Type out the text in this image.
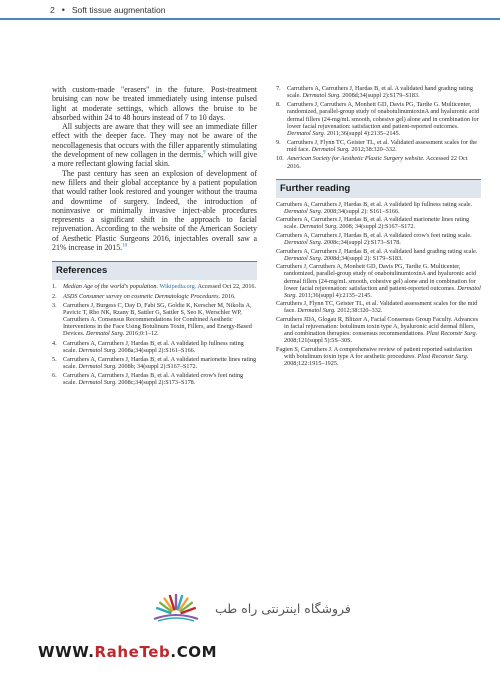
2 • Soft tissue augmentation

with custom-made "erasers" in the future. Post-treatment bruising can now be treated immediately using intense pulsed light at moderate settings, which allows the bruise to be absorbed within 24 to 48 hours instead of 7 to 10 days.

All subjects are aware that they will see an immediate filler effect with the deeper face. They may not be aware of the neocollagenesis that occurs with the filler apparently stimulating the development of new collagen in the dermis,$^9$ which will give a more reflectant glowing facial skin.

The past century has seen an explosion of development of new fillers and their global acceptance by a patient population that would rather look restored and younger without the trauma and downtime of surgery. Indeed, the introduction of noninvasive or minimally invasive inject-able procedures represents a significant shift in the approach to facial rejuvenation. According to the website of the American Society of Aesthetic Plastic Surgeons 2016, injectables overall saw a 21% increase in 2015.10

References
1.	Median Age of the world's population. Wikipedia.org. Accessed Oct 22, 2016.
2.	ASDS Consumer survey on cosmetic Dermatologic Procedures. 2016.
3.	Carruthers J, Burgess C, Day D, Fabi SG, Goldie K, Kerscher M, Nikolis A, Pavicic T, Rho NK, Rzany B, Sattler G, Sattler S, Seo K, Werschler WP, Carruthers A. Consensus Recommendations for Combined Aesthetic Interventions in the Face Using Botulinum Toxin, Fillers, and Energy-Based Devices. Dermatol Surg. 2016;0:1–12.
4.	Carruthers A, Carruthers J, Hardas B, et al. A validated lip fullness rating scale. Dermatol Surg. 2008a;34(suppl 2):S161–S166.
5.	Carruthers A, Carruthers J, Hardas B, et al. A validated marionette lines rating scale. Dermatol Surg. 2008b; 34(suppl 2):S167–S172.
6.	Carruthers A, Carruthers J, Hardas B, et al. A validated crow's feet rating scale. Dermatol Surg. 2008c;34(suppl 2):S173–S178.
7.	Carruthers A, Carruthers J, Hardas B, et al. A validated hand grading rating scale. Dermatol Surg. 2008d;34(suppl 2):S179–S183.
8.	Carruthers J, Carruthers A, Monheit GD, Davis PG, Tardie G. Multicenter, randomized, parallel-group study of onabotulinumtoxinA and hyaluronic acid dermal fillers (24-mg/mL smooth, cohesive gel) alone and in combination for lower facial rejuvenation: satisfaction and patient-reported outcomes. Dermatol Surg. 2011;36(suppl 4):2135–2145.
9.	Carruthers J, Flynn TC, Geister TL, et al. Validated assessment scales for the mid face. Dermatol Surg. 2012;38:320–332.
10. American Society for Aesthetic Plastic Surgery website. Accessed 22 Oct 2016.
Further reading

Carruthers A, Carruthers J, Hardas B, et al. A validated lip fullness rating scale. Dermatol Surg. 2008;34(suppl 2): S161–S166.

Carruthers A, Carruthers J, Hardas B, et al. A validated marionette lines rating scale. Dermatol Surg. 2008; 34(suppl 2):S167–S172.

Carruthers A, Carruthers J, Hardas B, et al. A validated crow's feet rating scale. Dermatol Surg. 2008c;34(suppl 2):S173–S178.

Carruthers A, Carruthers J, Hardas B, et al. A validated hand grading rating scale. Dermatol Surg. 2008d;34(suppl 2): S179–S183.

Carruthers J, Carruthers A, Monheit GD, Davis PG, Tardie G. Multicenter, randomized, parallel-group study of onabotulinumtoxinA and hyaluronic acid dermal fillers (24-mg/mL smooth, cohesive gel) alone and in combination for lower facial rejuvenation: satisfaction and patient-reported outcomes. Dermatol Surg. 2011;36(suppl 4):2135–2145.

Carruthers J, Flynn TC, Geister TL, et al. Validated assessment scales for the mid face. Dermatol Surg. 2012;38:320–332.

Carruthers JDA, Glogau R, Blitzer A, Facial Consensus Group Faculty. Advances in facial rejuvenation: botulinum toxin type A, hyaluronic acid dermal fillers, and combination therapies: consensus recommendations. Plast Reconstr Surg. 2008;121(suppl 5):5S–30S.

Fagien S, Carruthers J. A comprehensive review of patient reported satisfaction with botulinum toxin type A for aesthetic procedures. Plast Reconstr Surg. 2008;122:1915–1925.

فروشگاه اینترنتی راه طب
WWW.RaheTeb.COM
